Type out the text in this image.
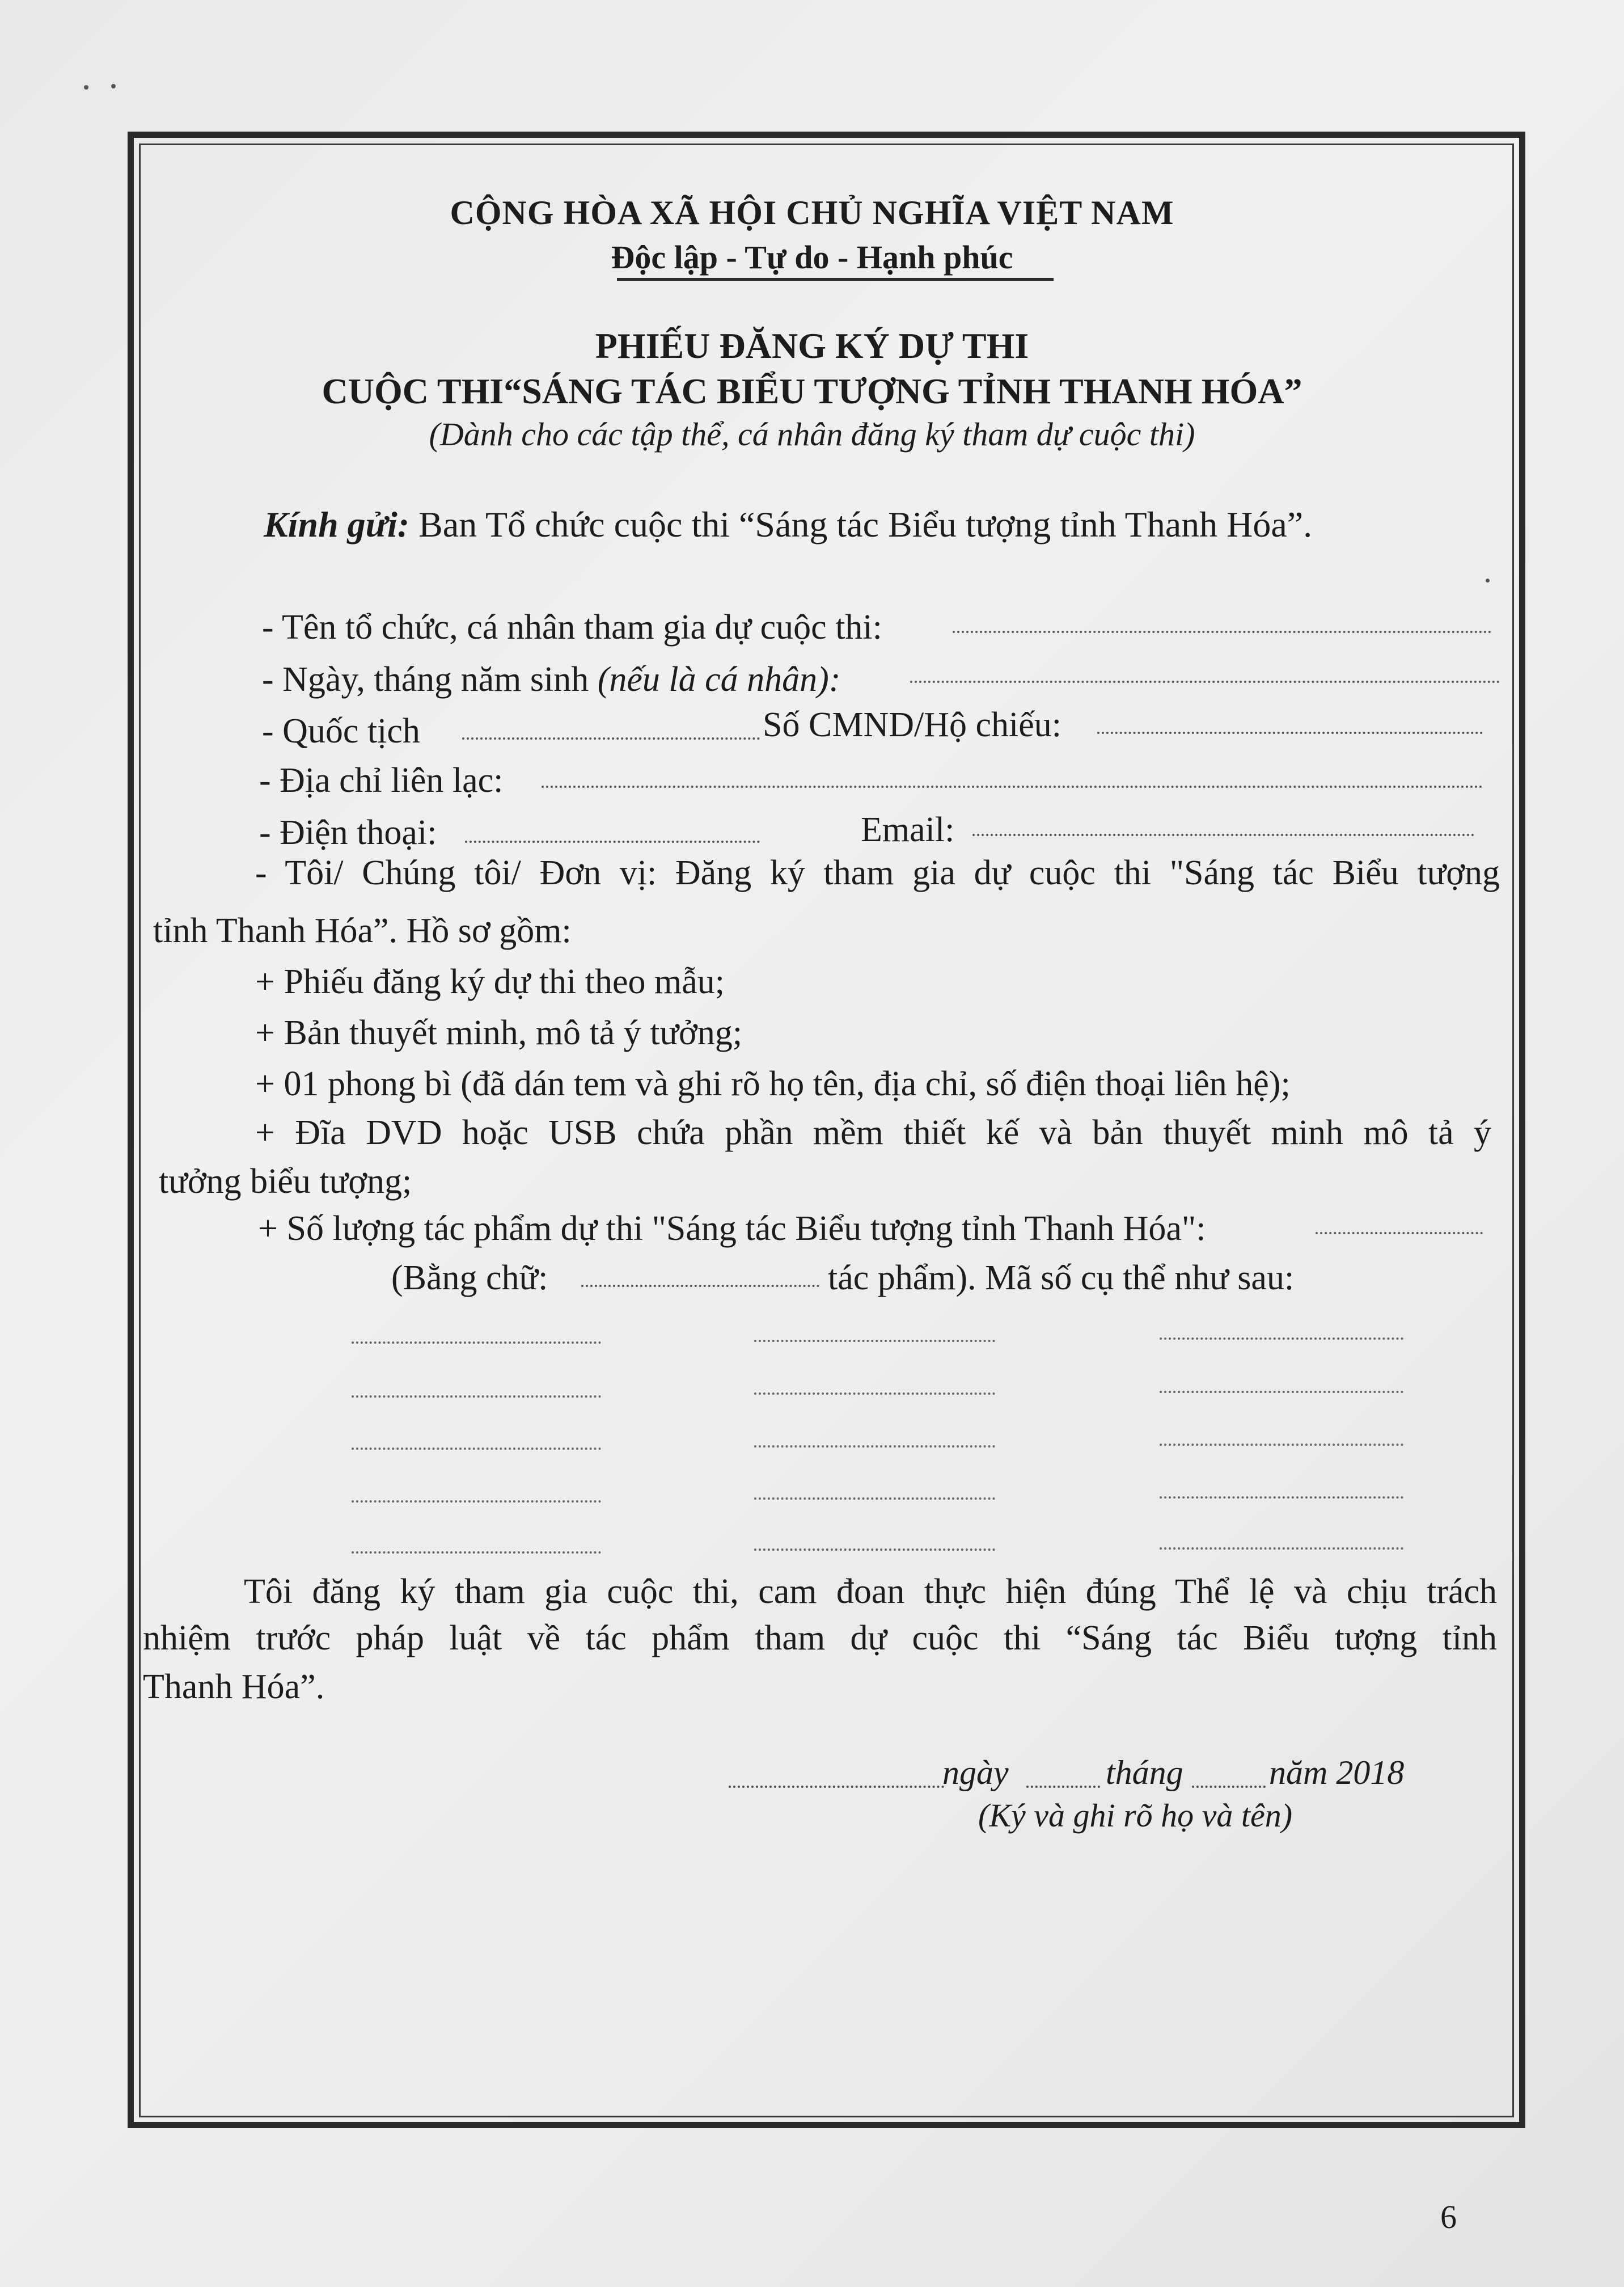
CỘNG HÒA XÃ HỘI CHỦ NGHĨA VIỆT NAM
Độc lập - Tự do - Hạnh phúc
PHIẾU ĐĂNG KÝ DỰ THI
CUỘC THI“SÁNG TÁC BIỂU TƯỢNG TỈNH THANH HÓA”
(Dành cho các tập thể, cá nhân đăng ký tham dự cuộc thi)
Kính gửi: Ban Tổ chức cuộc thi “Sáng tác Biểu tượng tỉnh Thanh Hóa”.
- Tên tổ chức, cá nhân tham gia dự cuộc thi:
- Ngày, tháng năm sinh (nếu là cá nhân):
- Quốc tịch	Số CMND/Hộ chiếu:
- Địa chỉ liên lạc:
- Điện thoại:	Email:
- Tôi/ Chúng tôi/ Đơn vị: Đăng ký tham gia dự cuộc thi "Sáng tác Biểu tượng
tỉnh Thanh Hóa”. Hồ sơ gồm:
+ Phiếu đăng ký dự thi theo mẫu;
+ Bản thuyết minh, mô tả ý tưởng;
+ 01 phong bì (đã dán tem và ghi rõ họ tên, địa chỉ, số điện thoại liên hệ);
+ Đĩa DVD hoặc USB chứa phần mềm thiết kế và bản thuyết minh mô tả ý
tưởng biểu tượng;
+ Số lượng tác phẩm dự thi "Sáng tác Biểu tượng tỉnh Thanh Hóa":
(Bằng chữ:	tác phẩm). Mã số cụ thể như sau:
Tôi đăng ký tham gia cuộc thi, cam đoan thực hiện đúng Thể lệ và chịu trách
nhiệm trước pháp luật về tác phẩm tham dự cuộc thi “Sáng tác Biểu tượng tỉnh
Thanh Hóa”.
ngày	tháng	năm 2018
(Ký và ghi rõ họ và tên)
6
